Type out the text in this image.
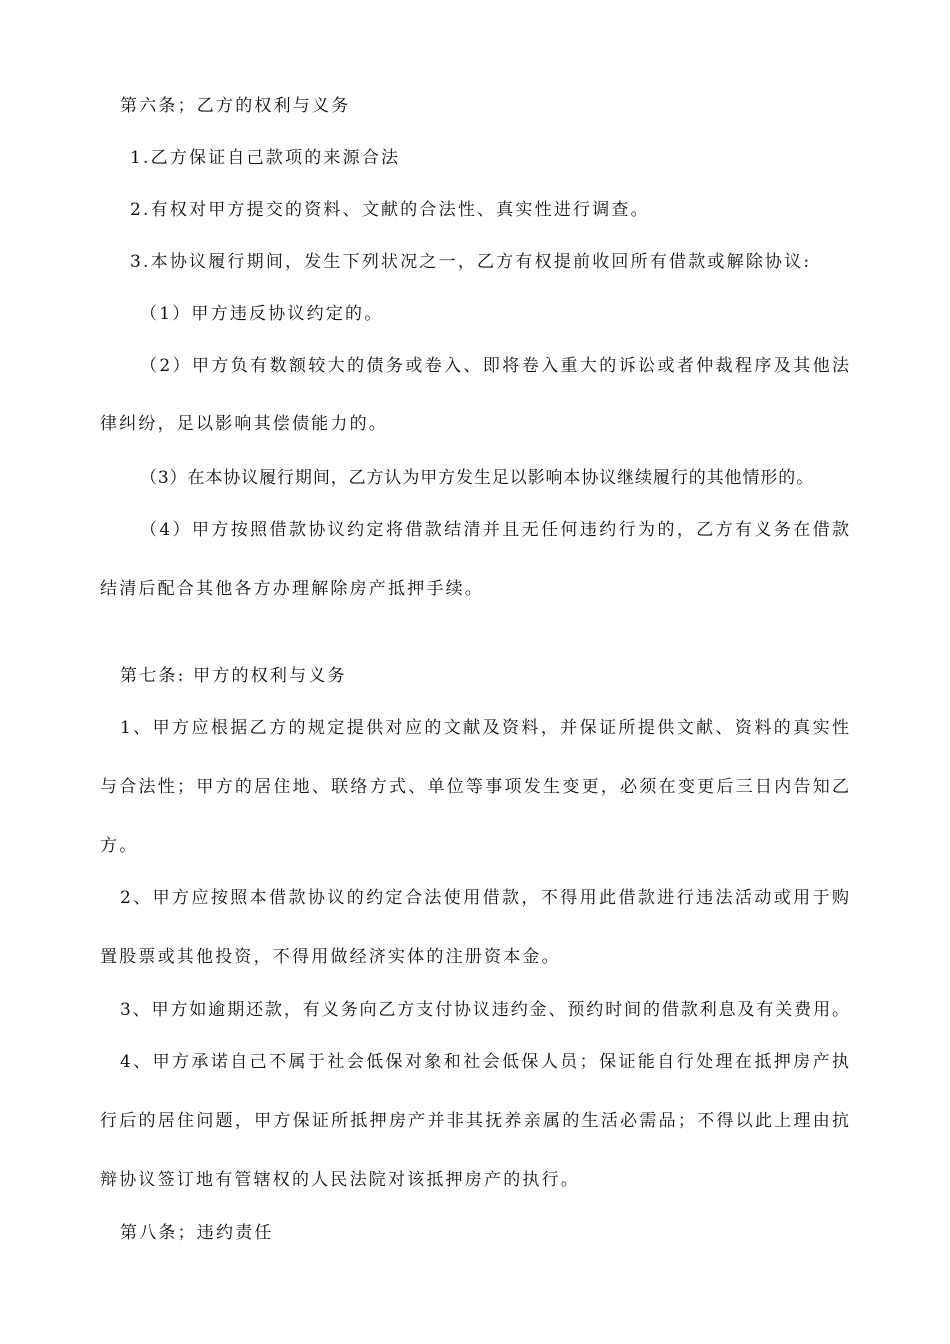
第六条；乙方的权利与义务
1.乙方保证自己款项的来源合法
2.有权对甲方提交的资料、文献的合法性、真实性进行调查。
3.本协议履行期间，发生下列状况之一，乙方有权提前收回所有借款或解除协议:
（1）甲方违反协议约定的。
（2）甲方负有数额较大的债务或卷入、即将卷入重大的诉讼或者仲裁程序及其他法
律纠纷，足以影响其偿债能力的。
（3）在本协议履行期间，乙方认为甲方发生足以影响本协议继续履行的其他情形的。
（4）甲方按照借款协议约定将借款结清并且无任何违约行为的，乙方有义务在借款
结清后配合其他各方办理解除房产抵押手续。
第七条: 甲方的权利与义务
1、甲方应根据乙方的规定提供对应的文献及资料，并保证所提供文献、资料的真实性
与合法性；甲方的居住地、联络方式、单位等事项发生变更，必须在变更后三日内告知乙
方。
2、甲方应按照本借款协议的约定合法使用借款，不得用此借款进行违法活动或用于购
置股票或其他投资，不得用做经济实体的注册资本金。
3、甲方如逾期还款，有义务向乙方支付协议违约金、预约时间的借款利息及有关费用。
4、甲方承诺自己不属于社会低保对象和社会低保人员；保证能自行处理在抵押房产执
行后的居住问题，甲方保证所抵押房产并非其抚养亲属的生活必需品；不得以此上理由抗
辩协议签订地有管辖权的人民法院对该抵押房产的执行。
第八条；违约责任
